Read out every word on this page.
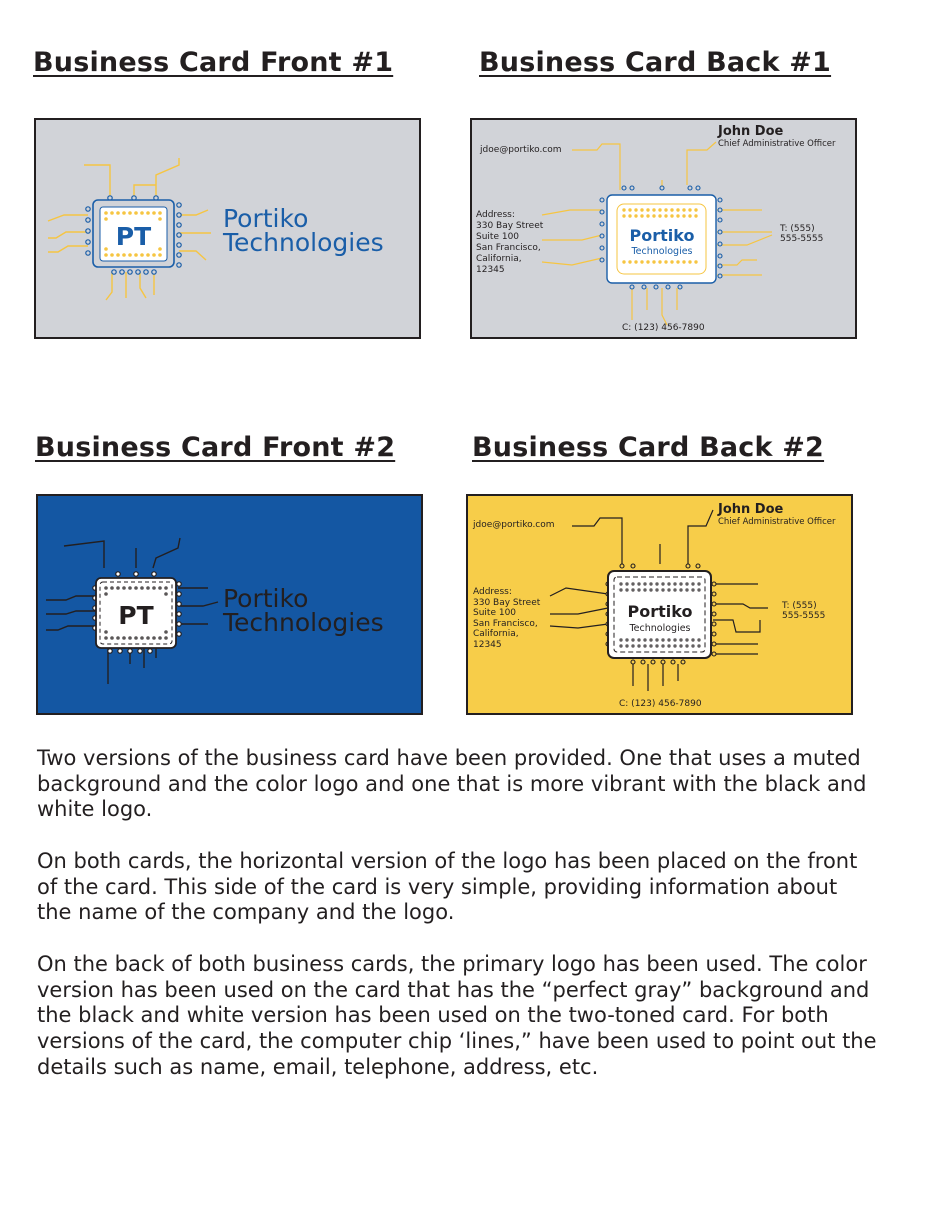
Business Card Front #1	Business Card Back #1
Business Card Front #2	Business Card Back #2
PT
Portiko
Technologies	Portiko
Technologies
John Doe
Chief Administrative Officer
jdoe@portiko.com
Address:
330 Bay Street
Suite 100
San Francisco,
California,
12345
T: (555)
555-5555
C: (123) 456-7890
PT
Portiko
Technologies	Portiko
Technologies
John Doe
Chief Administrative Officer
jdoe@portiko.com
Address:
330 Bay Street
Suite 100
San Francisco,
California,
12345
T: (555)
555-5555
C: (123) 456-7890

Two versions of the business card have been provided. One that uses a muted background and the color logo and one that is more vibrant with the black and white logo.

On both cards, the horizontal version of the logo has been placed on the front of the card. This side of the card is very simple, providing information about the name of the company and the logo.

On the back of both business cards, the primary logo has been used. The color version has been used on the card that has the “perfect gray” background and the black and white version has been used on the two-toned card. For both versions of the card, the computer chip ‘lines,” have been used to point out the details such as name, email, telephone, address, etc.
